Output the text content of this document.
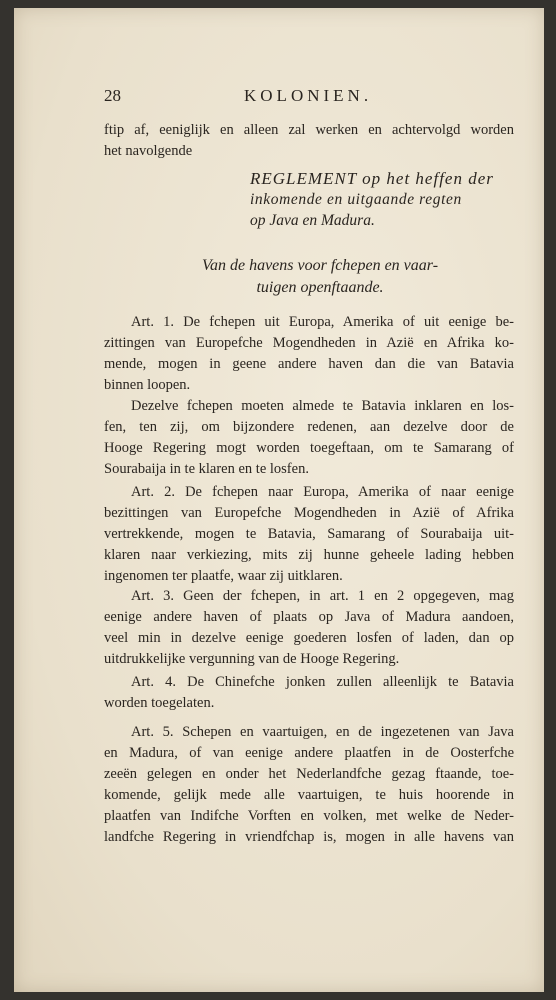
28	KOLONIEN.
ftip af, eeniglijk en alleen zal werken en achtervolgd worden
het navolgende
REGLEMENT op het heffen der
inkomende en uitgaande regten
op Java en Madura.
Van de havens voor fchepen en vaar-
tuigen openftaande.
Art. 1. De fchepen uit Europa, Amerika of uit eenige be-
zittingen van Europefche Mogendheden in Azië en Afrika ko-
mende, mogen in geene andere haven dan die van Batavia
binnen loopen.
Dezelve fchepen moeten almede te Batavia inklaren en los-
fen, ten zij, om bijzondere redenen, aan dezelve door de
Hooge Regering mogt worden toegeftaan, om te Samarang of
Sourabaija in te klaren en te losfen.
Art. 2. De fchepen naar Europa, Amerika of naar eenige
bezittingen van Europefche Mogendheden in Azië of Afrika
vertrekkende, mogen te Batavia, Samarang of Sourabaija uit-
klaren naar verkiezing, mits zij hunne geheele lading hebben
ingenomen ter plaatfe, waar zij uitklaren.
Art. 3. Geen der fchepen, in art. 1 en 2 opgegeven, mag
eenige andere haven of plaats op Java of Madura aandoen,
veel min in dezelve eenige goederen losfen of laden, dan op
uitdrukkelijke vergunning van de Hooge Regering.
Art. 4. De Chinefche jonken zullen alleenlijk te Batavia
worden toegelaten.
Art. 5. Schepen en vaartuigen, en de ingezetenen van Java
en Madura, of van eenige andere plaatfen in de Oosterfche
zeeën gelegen en onder het Nederlandfche gezag ftaande, toe-
komende, gelijk mede alle vaartuigen, te huis hoorende in
plaatfen van Indifche Vorften en volken, met welke de Neder-
landfche Regering in vriendfchap is, mogen in alle havens van
